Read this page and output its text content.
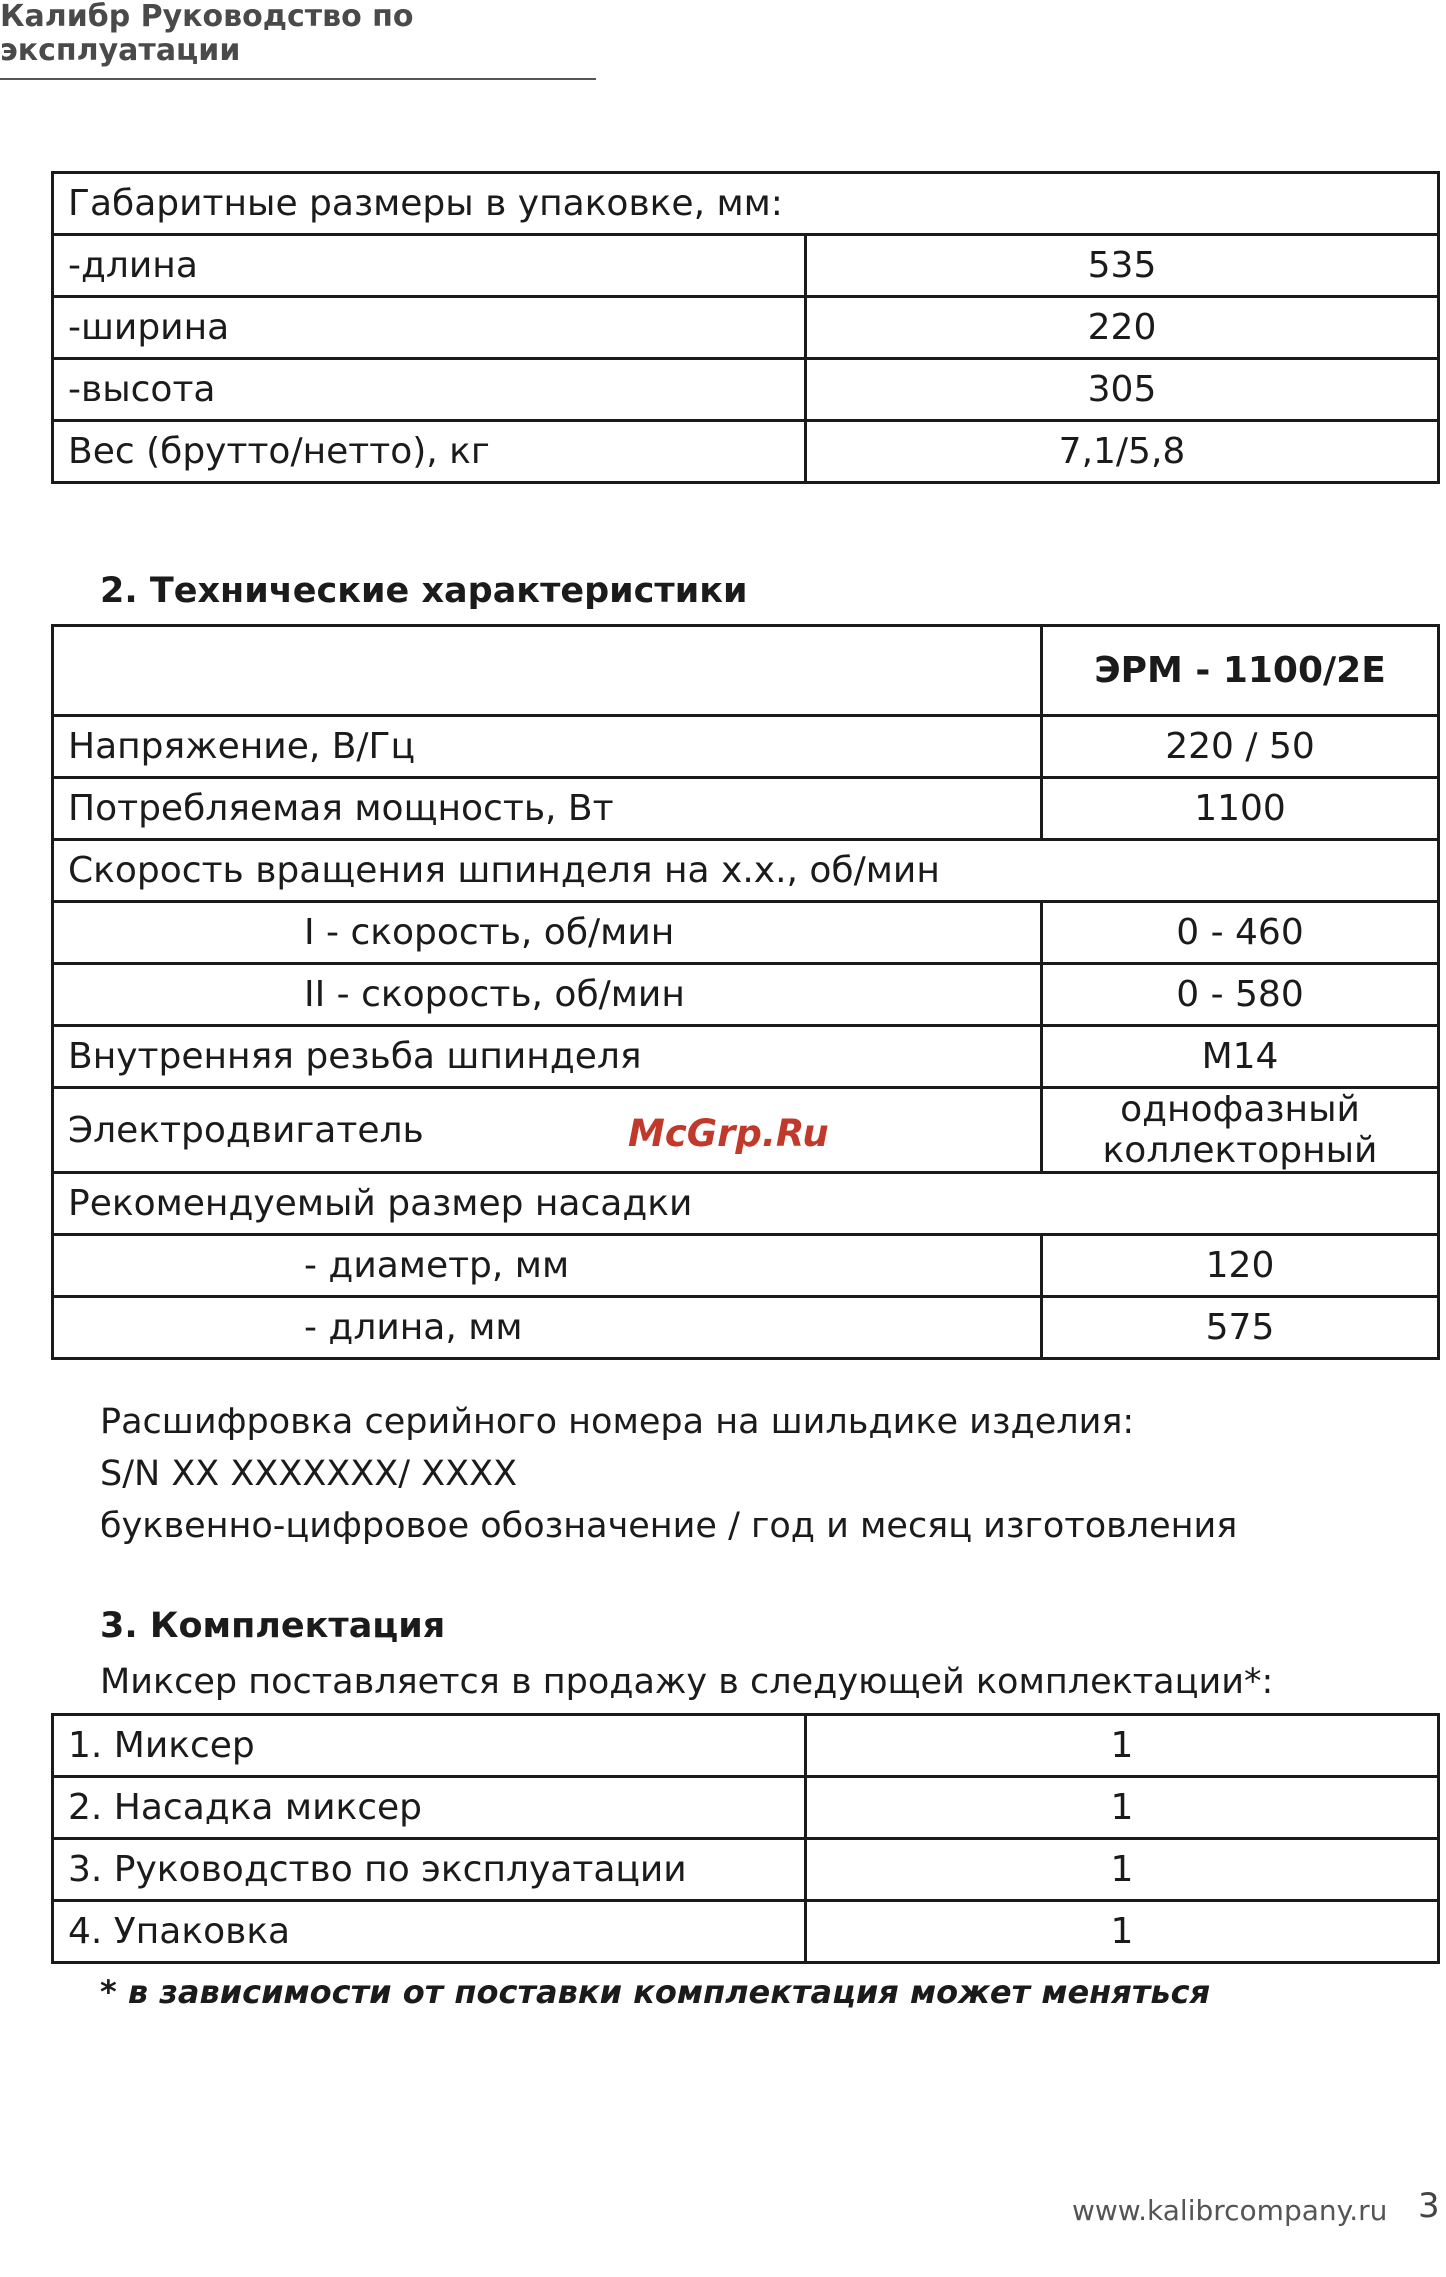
Калибр Руководство по эксплуатации
Габаритные размеры в упаковке, мм:	
-длина	535
-ширина	220
-высота	305
Вес (брутто/нетто), кг	7,1/5,8
2. Технические характеристики
	ЭРМ - 1100/2E
Напряжение, В/Гц	220 / 50
Потребляемая мощность, Вт	1100
Скорость вращения шпинделя на х.х., об/мин	
I - скорость, об/мин	0 - 460
II - скорость, об/мин	0 - 580
Внутренняя резьба шпинделя	M14
Электродвигатель	однофазный коллекторный
Рекомендуемый размер насадки	
- диаметр, мм	120
- длина, мм	575
McGrp.Ru
Расшифровка серийного номера на шильдике изделия:
S/N XX XXXXXXX/ XXXX
буквенно-цифровое обозначение / год и месяц изготовления
3. Комплектация
Миксер поставляется в продажу в следующей комплектации*:
1. Миксер	1
2. Насадка миксер	1
3. Руководство по эксплуатации	1
4. Упаковка	1
* в зависимости от поставки комплектация может меняться
www.kalibrcompany.ru 3
